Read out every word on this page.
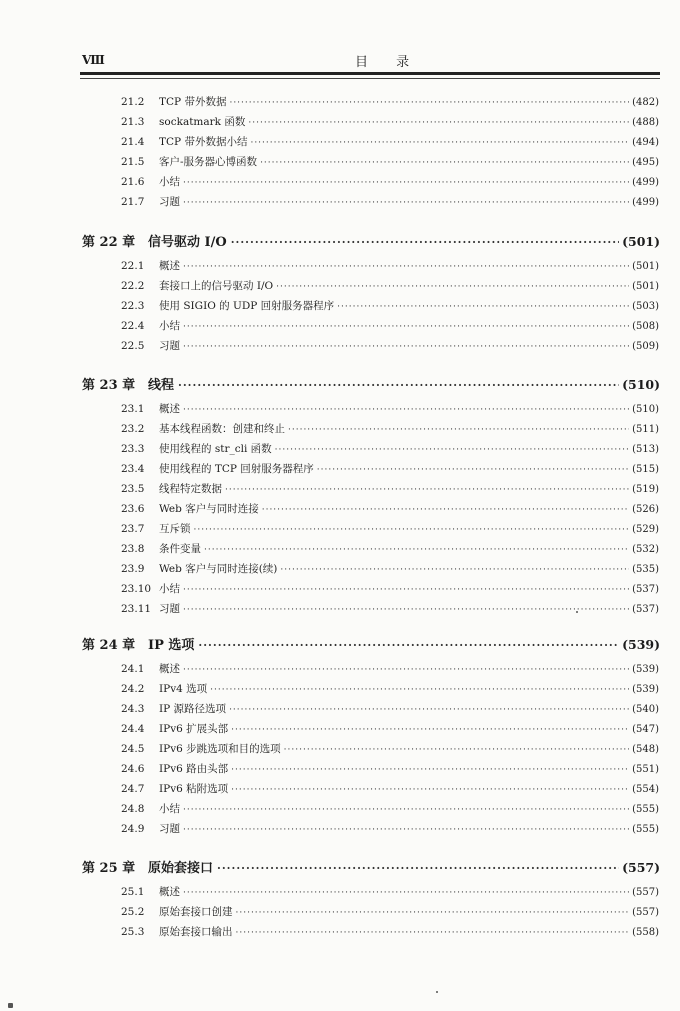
Ⅷ	目 录
21.2	TCP 带外数据 ·····	(482)
21.3	sockatmark 函数 ·····	(488)
21.4	TCP 带外数据小结 ·····	(494)
21.5	客户-服务器心博函数 ·····	(495)
21.6	小结 ·····	(499)
21.7	习题 ·····	(499)
第 22 章 信号驱动 I/O ·····	(501)
22.1	概述 ·····	(501)
22.2	套接口上的信号驱动 I/O ·····	(501)
22.3	使用 SIGIO 的 UDP 回射服务器程序 ·····	(503)
22.4	小结 ·····	(508)
22.5	习题 ·····	(509)
第 23 章 线程 ·····	(510)
23.1	概述 ·····	(510)
23.2	基本线程函数：创建和终止 ·····	(511)
23.3	使用线程的 str_cli 函数 ·····	(513)
23.4	使用线程的 TCP 回射服务器程序 ·····	(515)
23.5	线程特定数据 ·····	(519)
23.6	Web 客户与同时连接 ·····	(526)
23.7	互斥锁 ·····	(529)
23.8	条件变量 ·····	(532)
23.9	Web 客户与同时连接(续) ·····	(535)
23.10 小结 ·····	(537)
23.11 习题 ·····	(537)
第 24 章 IP 选项 ·····	(539)
24.1	概述 ·····	(539)
24.2	IPv4 选项 ·····	(539)
24.3	IP 源路径选项 ·····	(540)
24.4	IPv6 扩展头部 ·····	(547)
24.5	IPv6 步跳选项和目的选项 ·····	(548)
24.6	IPv6 路由头部 ·····	(551)
24.7	IPv6 粘附选项 ·····	(554)
24.8	小结 ·····	(555)
24.9	习题 ·····	(555)
第 25 章 原始套接口 ·····	(557)
25.1	概述 ·····	(557)
25.2	原始套接口创建 ·····	(557)
25.3	原始套接口输出 ·····	(558)
